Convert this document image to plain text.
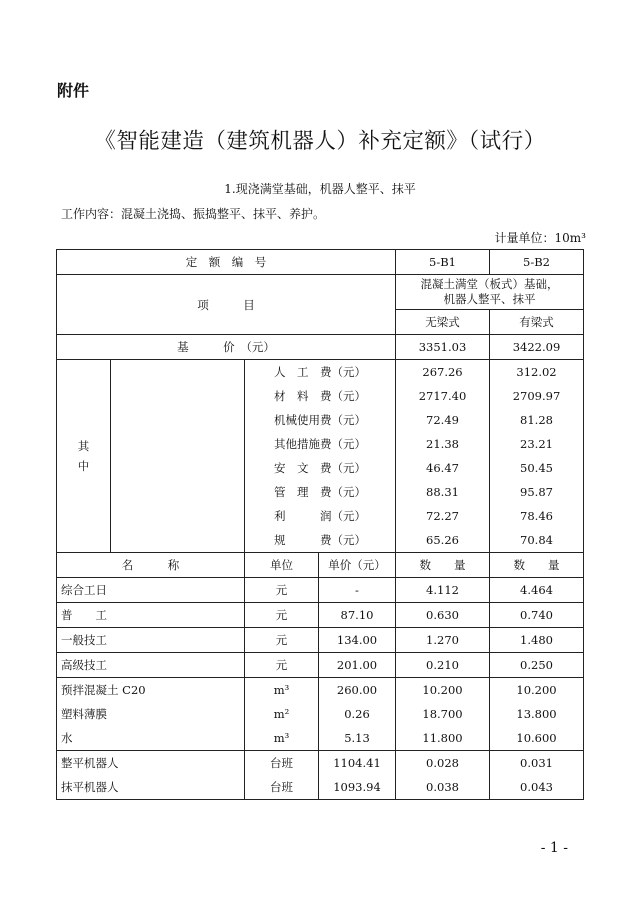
附件
《智能建造（建筑机器人）补充定额》（试行）
1.现浇满堂基础，机器人整平、抹平
工作内容：混凝土浇捣、振捣整平、抹平、养护。
计量单位：10m³
定　额　编　号				5-B1	5-B2
项　　　目				混凝土满堂（板式）基础，
机器人整平、抹平	
				无梁式	有梁式
基　　　价　（元）				3351.03	3422.09
其
中		人　工　费（元）		267.26	312.02
		材　料　费（元）		2717.40	2709.97
		机械使用费（元）		72.49	81.28
		其他措施费（元）		21.38	23.21
		安　文　费（元）		46.47	50.45
		管　理　费（元）		88.31	95.87
		利　　　润（元）		72.27	78.46
		规　　　费（元）		65.26	70.84
名　　　称		单位	单价（元）	数　　量	数　　量
综合工日		元	-	4.112	4.464
普　　工		元	87.10	0.630	0.740
一般技工		元	134.00	1.270	1.480
高级技工		元	201.00	0.210	0.250
预拌混凝土 C20		m³	260.00	10.200	10.200
塑料薄膜		m²	0.26	18.700	13.800
水		m³	5.13	11.800	10.600
整平机器人		台班	1104.41	0.028	0.031
抹平机器人		台班	1093.94	0.038	0.043
- 1 -
